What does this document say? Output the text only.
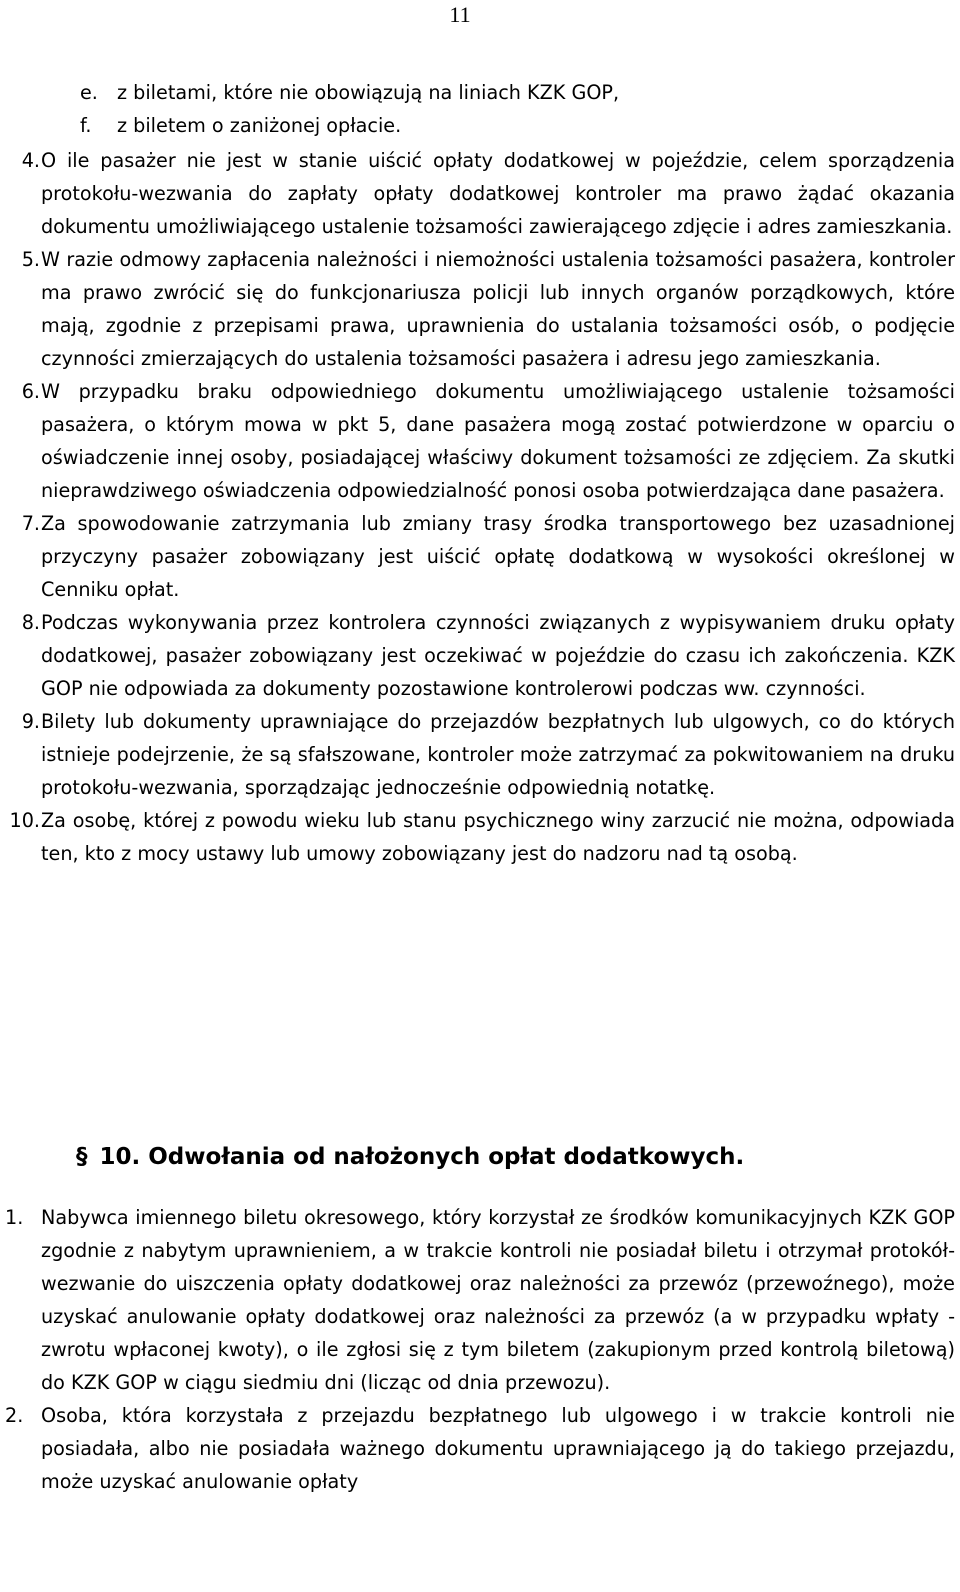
11
e. z biletami, które nie obowiązują na liniach KZK GOP,
f.	z biletem o zaniżonej opłacie.
4. O ile pasażer nie jest w stanie uiścić opłaty dodatkowej w pojeździe, celem sporządzenia protokołu-wezwania do zapłaty opłaty dodatkowej kontroler ma prawo żądać okazania dokumentu umożliwiającego ustalenie tożsamości zawierającego zdjęcie i adres zamieszkania.
5. W razie odmowy zapłacenia należności i niemożności ustalenia tożsamości pasażera, kontroler ma prawo zwrócić się do funkcjonariusza policji lub innych organów porządkowych, które mają, zgodnie z przepisami prawa, uprawnienia do ustalania tożsamości osób, o podjęcie czynności zmierzających do ustalenia tożsamości pasażera i adresu jego zamieszkania.
6. W przypadku braku odpowiedniego dokumentu umożliwiającego ustalenie tożsamości pasażera, o którym mowa w pkt 5, dane pasażera mogą zostać potwierdzone w oparciu o oświadczenie innej osoby, posiadającej właściwy dokument tożsamości ze zdjęciem. Za skutki nieprawdziwego oświadczenia odpowiedzialność ponosi osoba potwierdzająca dane pasażera.
7. Za spowodowanie zatrzymania lub zmiany trasy środka transportowego bez uzasadnionej przyczyny pasażer zobowiązany jest uiścić opłatę dodatkową w wysokości określonej w Cenniku opłat.
8. Podczas wykonywania przez kontrolera czynności związanych z wypisywaniem druku opłaty dodatkowej, pasażer zobowiązany jest oczekiwać w pojeździe do czasu ich zakończenia. KZK GOP nie odpowiada za dokumenty pozostawione kontrolerowi podczas ww. czynności.
9. Bilety lub dokumenty uprawniające do przejazdów bezpłatnych lub ulgowych, co do których istnieje podejrzenie, że są sfałszowane, kontroler może zatrzymać za pokwitowaniem na druku protokołu-wezwania, sporządzając jednocześnie odpowiednią notatkę.
10. Za osobę, której z powodu wieku lub stanu psychicznego winy zarzucić nie można, odpowiada ten, kto z mocy ustawy lub umowy zobowiązany jest do nadzoru nad tą osobą.
§ 10. Odwołania od nałożonych opłat dodatkowych.
1. Nabywca imiennego biletu okresowego, który korzystał ze środków komunikacyjnych KZK GOP zgodnie z nabytym uprawnieniem, a w trakcie kontroli nie posiadał biletu i otrzymał protokół-wezwanie do uiszczenia opłaty dodatkowej oraz należności za przewóz (przewoźnego), może uzyskać anulowanie opłaty dodatkowej oraz należności za przewóz (a w przypadku wpłaty - zwrotu wpłaconej kwoty), o ile zgłosi się z tym biletem (zakupionym przed kontrolą biletową) do KZK GOP w ciągu siedmiu dni (licząc od dnia przewozu).
2. Osoba, która korzystała z przejazdu bezpłatnego lub ulgowego i w trakcie kontroli nie posiadała, albo nie posiadała ważnego dokumentu uprawniającego ją do takiego przejazdu, może uzyskać anulowanie opłaty
